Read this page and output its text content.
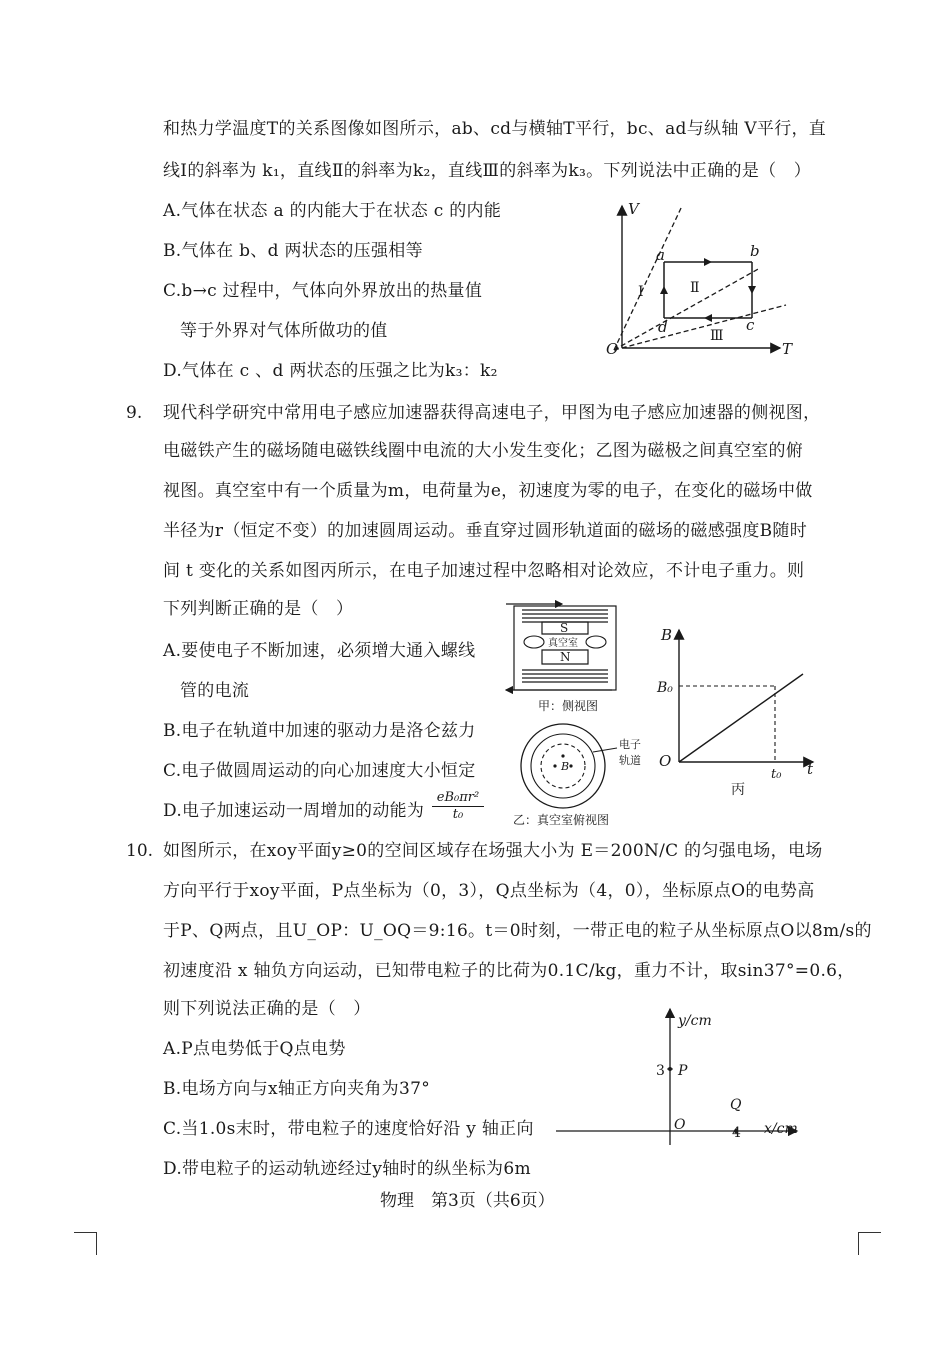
和热力学温度T的关系图像如图所示，ab、cd与横轴T平行，bc、ad与纵轴 V平行，直
线Ⅰ的斜率为 k₁，直线Ⅱ的斜率为k₂，直线Ⅲ的斜率为k₃。下列说法中正确的是（　）
A.气体在状态 a 的内能大于在状态 c 的内能
B.气体在 b、d 两状态的压强相等
C.b→c 过程中，气体向外界放出的热量值
等于外界对气体所做功的值
D.气体在 c 、d 两状态的压强之比为k₃：k₂
V
T
O
a	b
c
d
Ⅰ	Ⅱ
Ⅲ
9. 现代科学研究中常用电子感应加速器获得高速电子，甲图为电子感应加速器的侧视图，
电磁铁产生的磁场随电磁铁线圈中电流的大小发生变化；乙图为磁极之间真空室的俯
视图。真空室中有一个质量为m，电荷量为e，初速度为零的电子，在变化的磁场中做
半径为r（恒定不变）的加速圆周运动。垂直穿过圆形轨道面的磁场的磁感强度B随时
间 t 变化的关系如图丙所示，在电子加速过程中忽略相对论效应，不计电子重力。则
下列判断正确的是（　）
A.要使电子不断加速，必须增大通入螺线
管的电流
B.电子在轨道中加速的驱动力是洛仑兹力
C.电子做圆周运动的向心加速度大小恒定
D.电子加速运动一周增加的动能为 $\frac{\text{eB₀πr²}}{\text{t₀}}$
S
真空室
N
甲：侧视图
B
电子
轨道
乙：真空室俯视图
B
t
O
B₀
t₀
丙
10. 如图所示，在xoy平面y≥0的空间区域存在场强大小为 E＝200N/C 的匀强电场，电场
方向平行于xoy平面，P点坐标为（0，3），Q点坐标为（4，0），坐标原点O的电势高
于P、Q两点，且U_OP：U_OQ＝9:16。t＝0时刻，一带正电的粒子从坐标原点O以8m/s的
初速度沿 x 轴负方向运动，已知带电粒子的比荷为0.1C/kg，重力不计，取sin37°=0.6，
则下列说法正确的是（　）
A.P点电势低于Q点电势
B.电场方向与x轴正方向夹角为37°
C.当1.0s末时，带电粒子的速度恰好沿 y 轴正向
D.带电粒子的运动轨迹经过y轴时的纵坐标为6m
y/cm
x/cm
O
3
4
P
Q
物理　第3页（共6页）
